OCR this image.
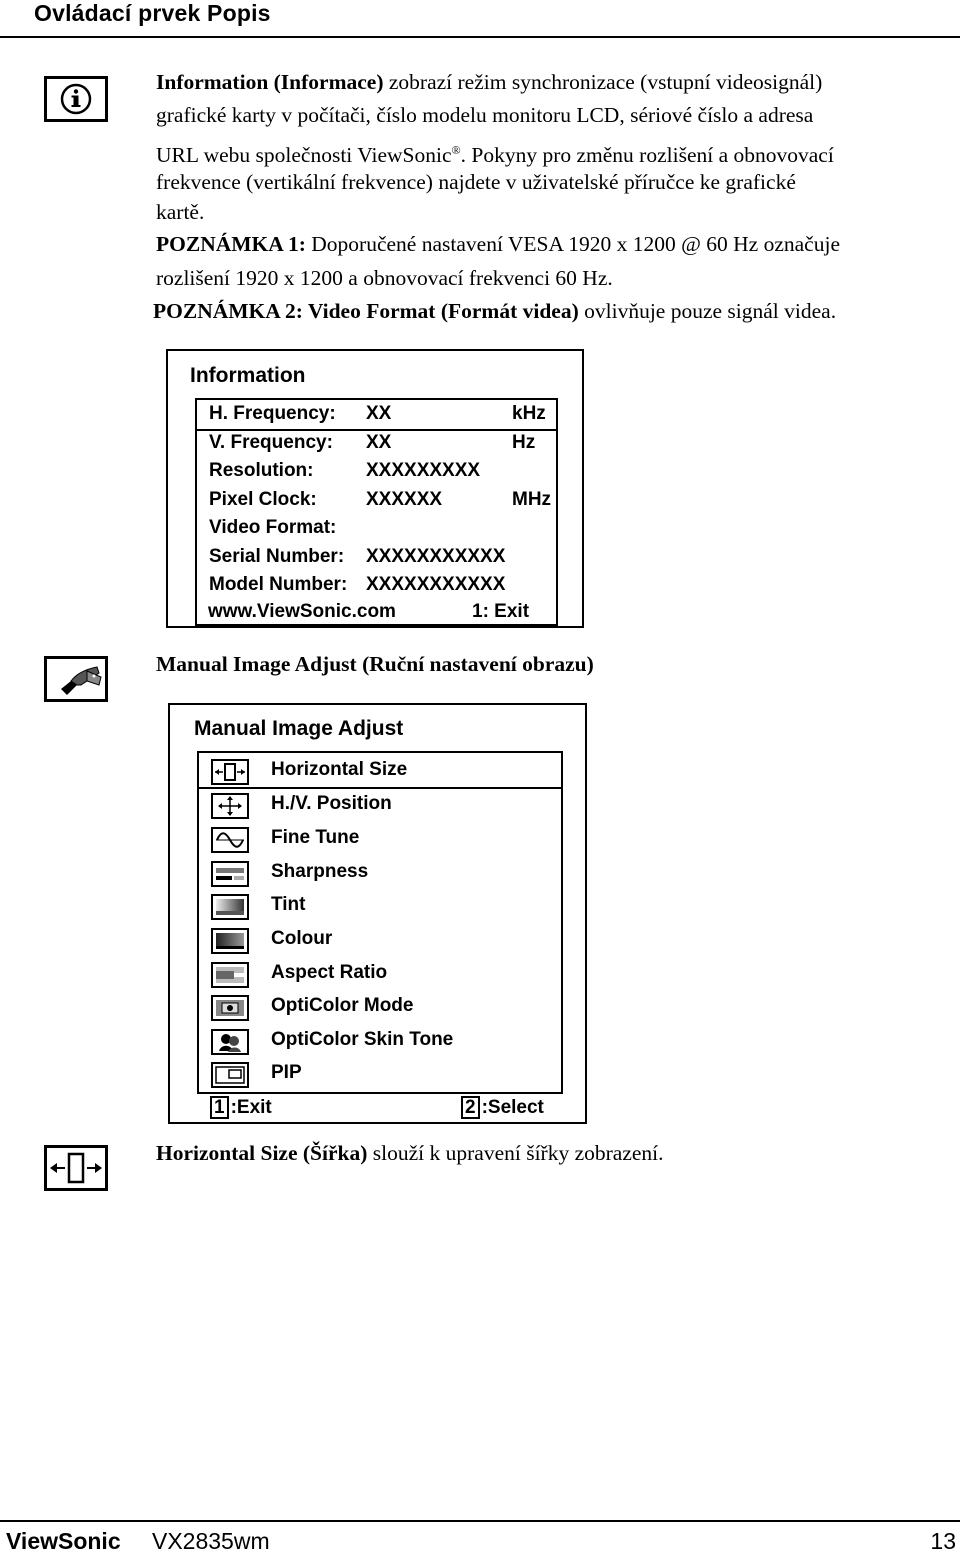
Ovládací prvek Popis
Information (Informace) zobrazí režim synchronizace (vstupní videosignál)
grafické karty v počítači, číslo modelu monitoru LCD, sériové číslo a adresa
URL webu společnosti ViewSonic®. Pokyny pro změnu rozlišení a obnovovací
frekvence (vertikální frekvence) najdete v uživatelské příručce ke grafické
kartě.
POZNÁMKA 1: Doporučené nastavení VESA 1920 x 1200 @ 60 Hz označuje
rozlišení 1920 x 1200 a obnovovací frekvenci 60 Hz.
POZNÁMKA 2: Video Format (Formát videa) ovlivňuje pouze signál videa.
Information
H. Frequency: XX	kHz
V. Frequency: XX	Hz
Resolution:	XXXXXXXXX
Pixel Clock:	XXXXXX	MHz
Video Format:
Serial Number: XXXXXXXXXXX
Model Number: XXXXXXXXXXX
www.ViewSonic.com	1: Exit
Manual Image Adjust (Ruční nastavení obrazu)
Manual Image Adjust
Horizontal Size
H./V. Position
Fine Tune
Sharpness
Tint
Colour
Aspect Ratio
OptiColor Mode
OptiColor Skin Tone
PIP
1 :Exit	2 :Select
Horizontal Size (Šířka) slouží k upravení šířky zobrazení.
ViewSonic VX2835wm	13
